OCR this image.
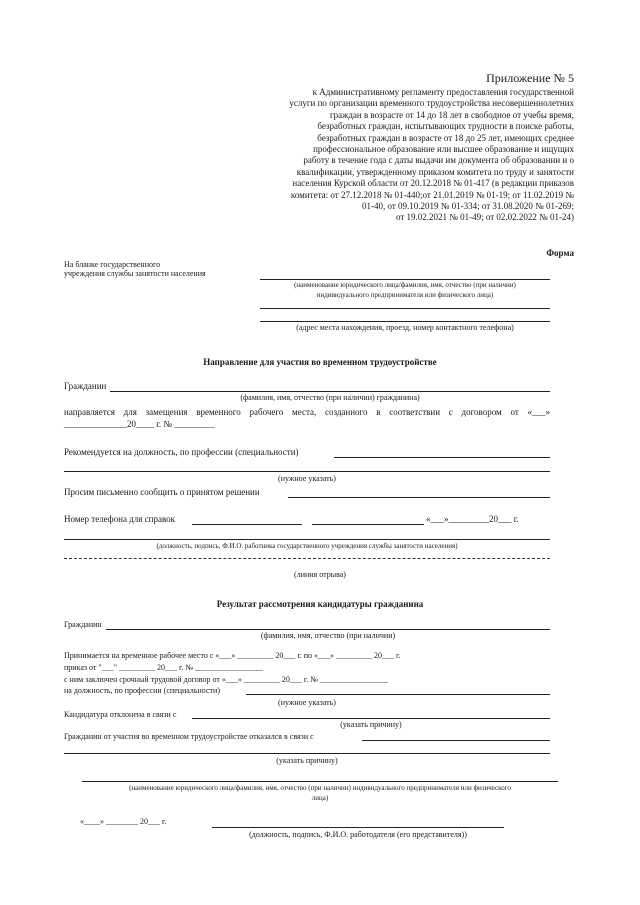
Приложение № 5
к Административному регламенту предоставления государственной
услуги по организации временного трудоустройства несовершеннолетних
граждан в возрасте от 14 до 18 лет в свободное от учебы время,
безработных граждан, испытывающих трудности в поиске работы,
безработных граждан в возрасте от 18 до 25 лет, имеющих среднее
профессиональное образование или высшее образование и ищущих
работу в течение года с даты выдачи им документа об образовании и о
квалификации, утвержденному приказом комитета по труду и занятости
населения Курской области от 20.12.2018 № 01-417 (в редакции приказов
комитета: от 27.12.2018 № 01-440;от 21.01.2019 № 01-19; от 11.02.2019 №
01-40, от 09.10.2019 № 01-334; от 31.08.2020 № 01-269;
от 19.02.2021 № 01-49; от 02.02.2022 № 01-24)
Форма
На бланке государственного
учреждения службы занятости населения
(наименование юридического лица/фамилия, имя, отчество (при наличии)
индивидуального предпринимателя или физического лица)
(адрес места нахождения, проезд, номер контактного телефона)
Направление для участия во временном трудоустройстве
Гражданин
(фамилия, имя, отчество (при наличии) гражданина)
направляется для замещения временного рабочего места, созданного в соответствии с договором от «___»
______________20____ г. № _________
Рекомендуется на должность, по профессии (специальности)
(нужное указать)
Просим письменно сообщить о принятом решении
Номер телефона для справок	«___»_________20___ г.
(должность, подпись, Ф.И.О. работника государственного учреждения службы занятости населения)
(линия отрыва)
Результат рассмотрения кандидатуры гражданина
Гражданин
(фамилия, имя, отчество (при наличии)
Принимается на временное рабочее место с «___» _________ 20___ г. по «___» _________ 20___ г.
приказ от "___" _________ 20___ г. № _________________
с ним заключен срочный трудовой договор от «___» _________ 20___ г. № _________________
на должность, по профессии (специальности)
(нужное указать)
Кандидатура отклонена в связи с
(указать причину)
Гражданин от участия во временном трудоустройстве отказался в связи с
(указать причину)
(наименование юридического лица/фамилия, имя, отчество (при наличии) индивидуального предпринимателя или физического
лица)
«____» ________ 20___ г.
(должность, подпись, Ф.И.О. работодателя (его представителя))
